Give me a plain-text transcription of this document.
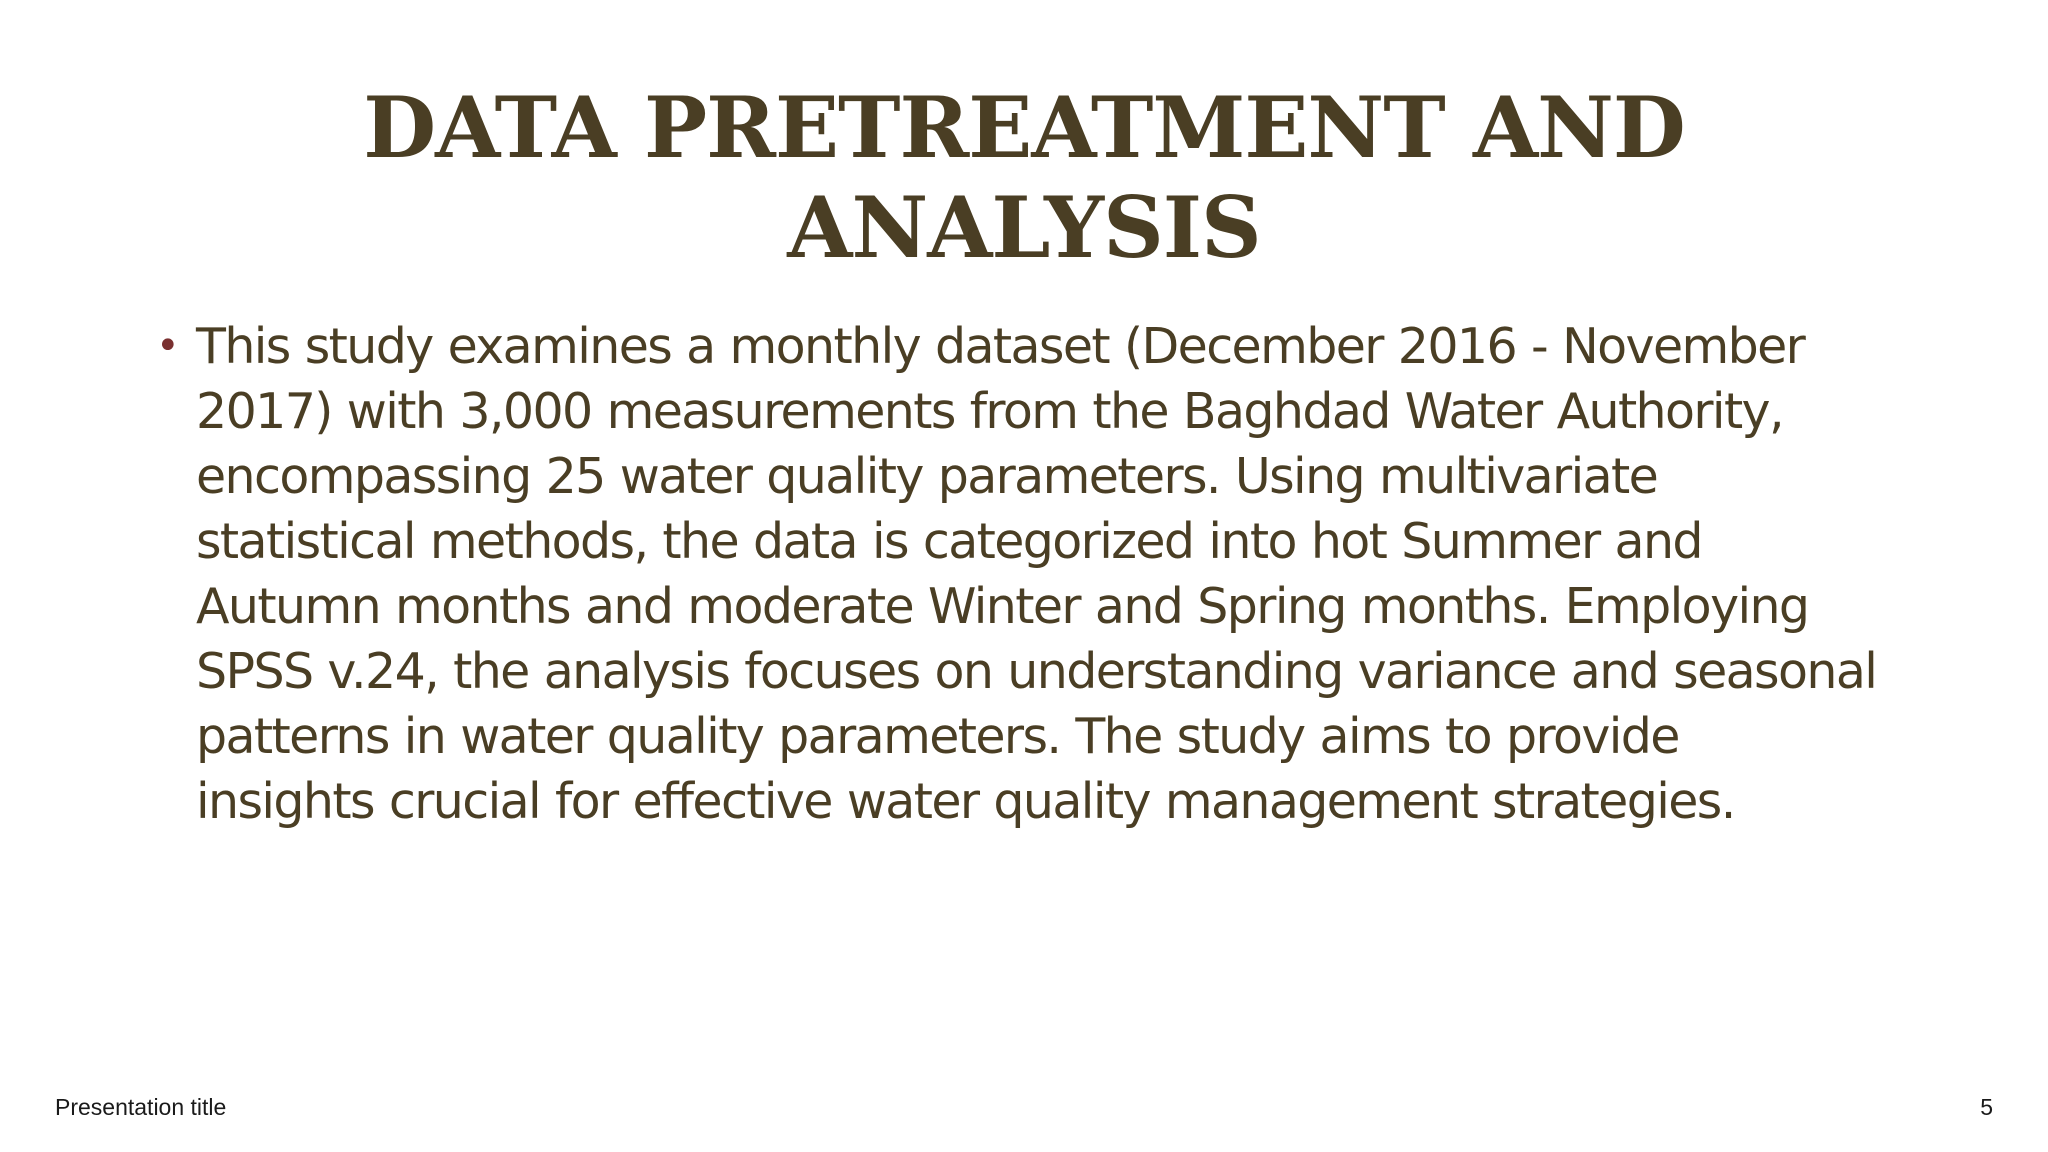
DATA PRETREATMENT AND
ANALYSIS
• This study examines a monthly dataset (December 2016 - November
2017) with 3,000 measurements from the Baghdad Water Authority,
encompassing 25 water quality parameters. Using multivariate
statistical methods, the data is categorized into hot Summer and
Autumn months and moderate Winter and Spring months. Employing
SPSS v.24, the analysis focuses on understanding variance and seasonal
patterns in water quality parameters. The study aims to provide
insights crucial for effective water quality management strategies.
Presentation title	5
